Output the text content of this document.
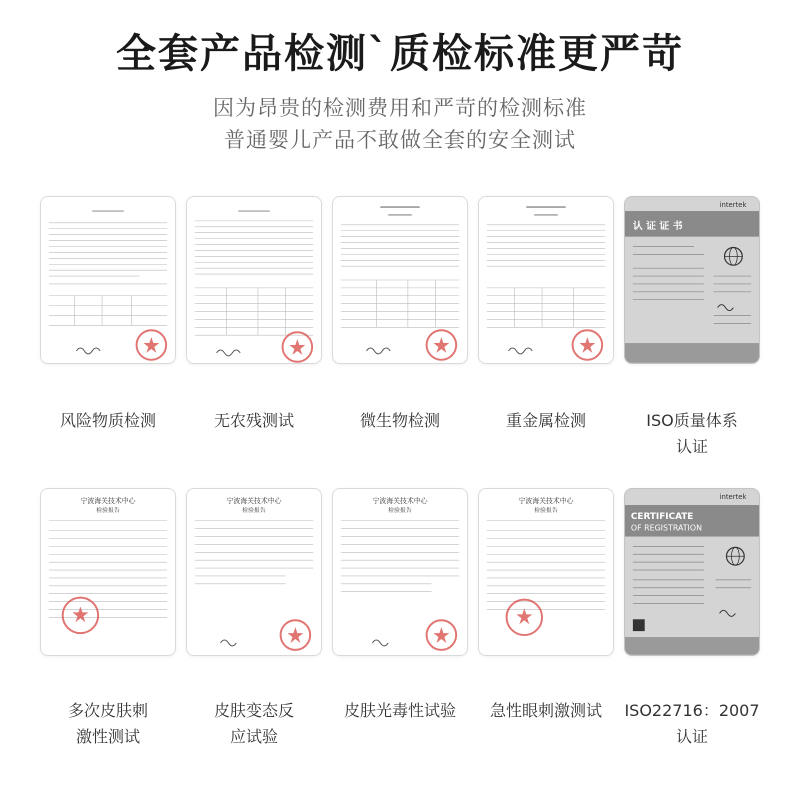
全套产品检测`质检标准更严苛
因为昂贵的检测费用和严苛的检测标准
普通婴儿产品不敢做全套的安全测试
认 证 证 书
intertek
风险物质检测	无农残测试	微生物检测	重金属检测	ISO质量体系
认证
宁波海关技术中心
检验报告
宁波海关技术中心
检验报告
宁波海关技术中心
检验报告
宁波海关技术中心
检验报告
CERTIFICATE
OF REGISTRATION
intertek
多次皮肤刺
激性测试
皮肤变态反
应试验
皮肤光毒性试验	急性眼刺激测试	ISO22716：2007
认证
